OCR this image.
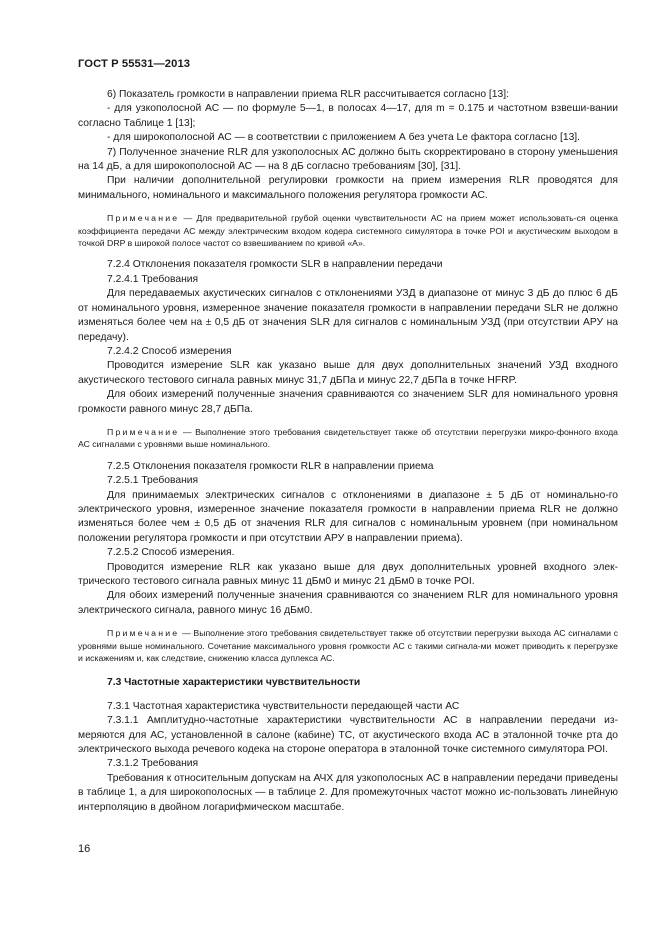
ГОСТ Р 55531—2013

6) Показатель громкости в направлении приема RLR рассчитывается согласно [13]:

- для узкополосной АС — по формуле 5—1, в полосах 4—17, для m = 0.175 и частотном взвеши-вании согласно Таблице 1 [13];

- для широкополосной АС — в соответствии с приложением А без учета Le фактора согласно [13].

7) Полученное значение RLR для узкополосных АС должно быть скорректировано в сторону уменьшения на 14 дБ, а для широкополосной АС — на 8 дБ согласно требованиям [30], [31].

При наличии дополнительной регулировки громкости на прием измерения RLR проводятся для минимального, номинального и максимального положения регулятора громкости АС.

Примечание — Для предварительной грубой оценки чувствительности АС на прием может использовать-ся оценка коэффициента передачи АС между электрическим входом кодера системного симулятора в точке POI и акустическим выходом в точкой DRP в широкой полосе частот со взвешиванием по кривой «А».

7.2.4 Отклонения показателя громкости SLR в направлении передачи

7.2.4.1 Требования

Для передаваемых акустических сигналов с отклонениями УЗД в диапазоне от минус 3 дБ до плюс 6 дБ от номинального уровня, измеренное значение показателя громкости в направлении передачи SLR не должно изменяться более чем на ± 0,5 дБ от значения SLR для сигналов с номинальным УЗД (при отсутствии АРУ на передачу).

7.2.4.2 Способ измерения

Проводится измерение SLR как указано выше для двух дополнительных значений УЗД входного акустического тестового сигнала равных минус 31,7 дБПа и минус 22,7 дБПа в точке HFRP.

Для обоих измерений полученные значения сравниваются со значением SLR для номинального уровня громкости равного минус 28,7 дБПа.

Примечание — Выполнение этого требования свидетельствует также об отсутствии перегрузки микро-фонного входа АС сигналами с уровнями выше номинального.

7.2.5 Отклонения показателя громкости RLR в направлении приема

7.2.5.1 Требования

Для принимаемых электрических сигналов с отклонениями в диапазоне ± 5 дБ от номинально-го электрического уровня, измеренное значение показателя громкости в направлении приема RLR не должно изменяться более чем ± 0,5 дБ от значения RLR для сигналов с номинальным уровнем (при номинальном положении регулятора громкости и при отсутствии АРУ в направлении приема).

7.2.5.2 Способ измерения.

Проводится измерение RLR как указано выше для двух дополнительных уровней входного элек-трического тестового сигнала равных минус 11 дБм0 и минус 21 дБм0 в точке POI.

Для обоих измерений полученные значения сравниваются со значением RLR для номинального уровня электрического сигнала, равного минус 16 дБм0.

Примечание — Выполнение этого требования свидетельствует также об отсутствии перегрузки выхода АС сигналами с уровнями выше номинального. Сочетание максимального уровня громкости АС с такими сигнала-ми может приводить к перегрузке и искажениям и, как следствие, снижению класса дуплекса АС.

7.3 Частотные характеристики чувствительности

7.3.1 Частотная характеристика чувствительности передающей части АС

7.3.1.1 Амплитудно-частотные характеристики чувствительности АС в направлении передачи из-меряются для АС, установленной в салоне (кабине) ТС, от акустического входа АС в эталонной точке рта до электрического выхода речевого кодека на стороне оператора в эталонной точке системного симулятора POI.

7.3.1.2 Требования

Требования к относительным допускам на АЧХ для узкополосных АС в направлении передачи приведены в таблице 1, а для широкополосных — в таблице 2. Для промежуточных частот можно ис-пользовать линейную интерполяцию в двойном логарифмическом масштабе.

16
